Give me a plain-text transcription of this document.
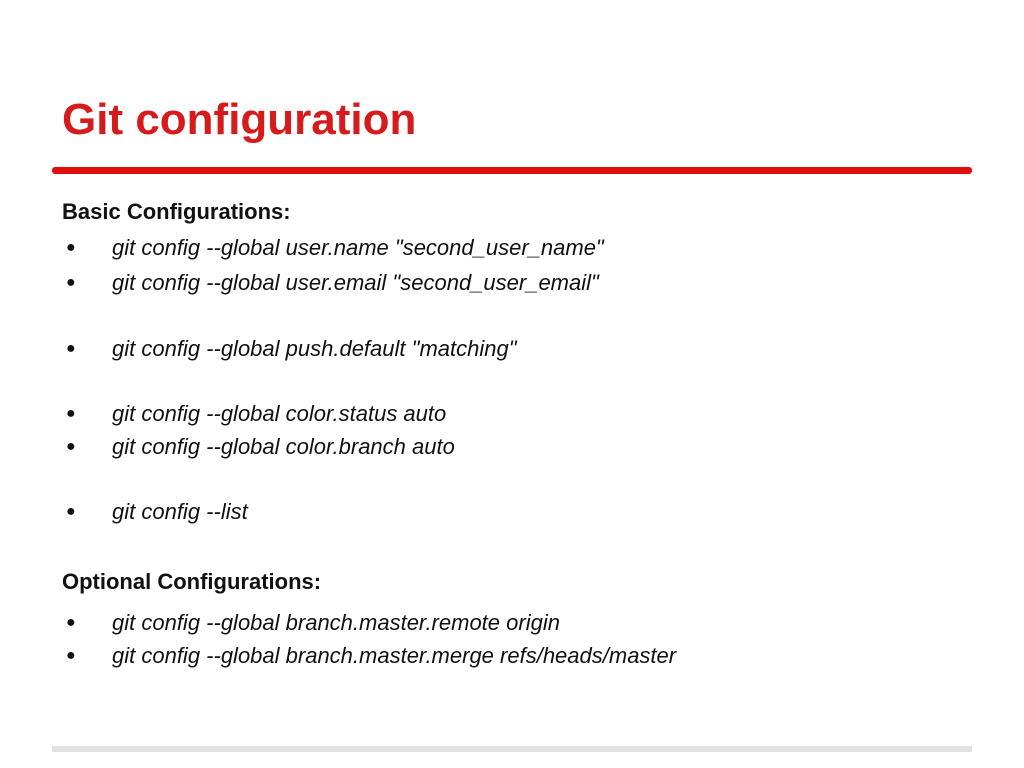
Git configuration
Basic Configurations:
● git config --global user.name "second_user_name"
● git config --global user.email "second_user_email"
● git config --global push.default "matching"
● git config --global color.status auto
● git config --global color.branch auto
● git config --list
Optional Configurations:
● git config --global branch.master.remote origin
● git config --global branch.master.merge refs/heads/master
